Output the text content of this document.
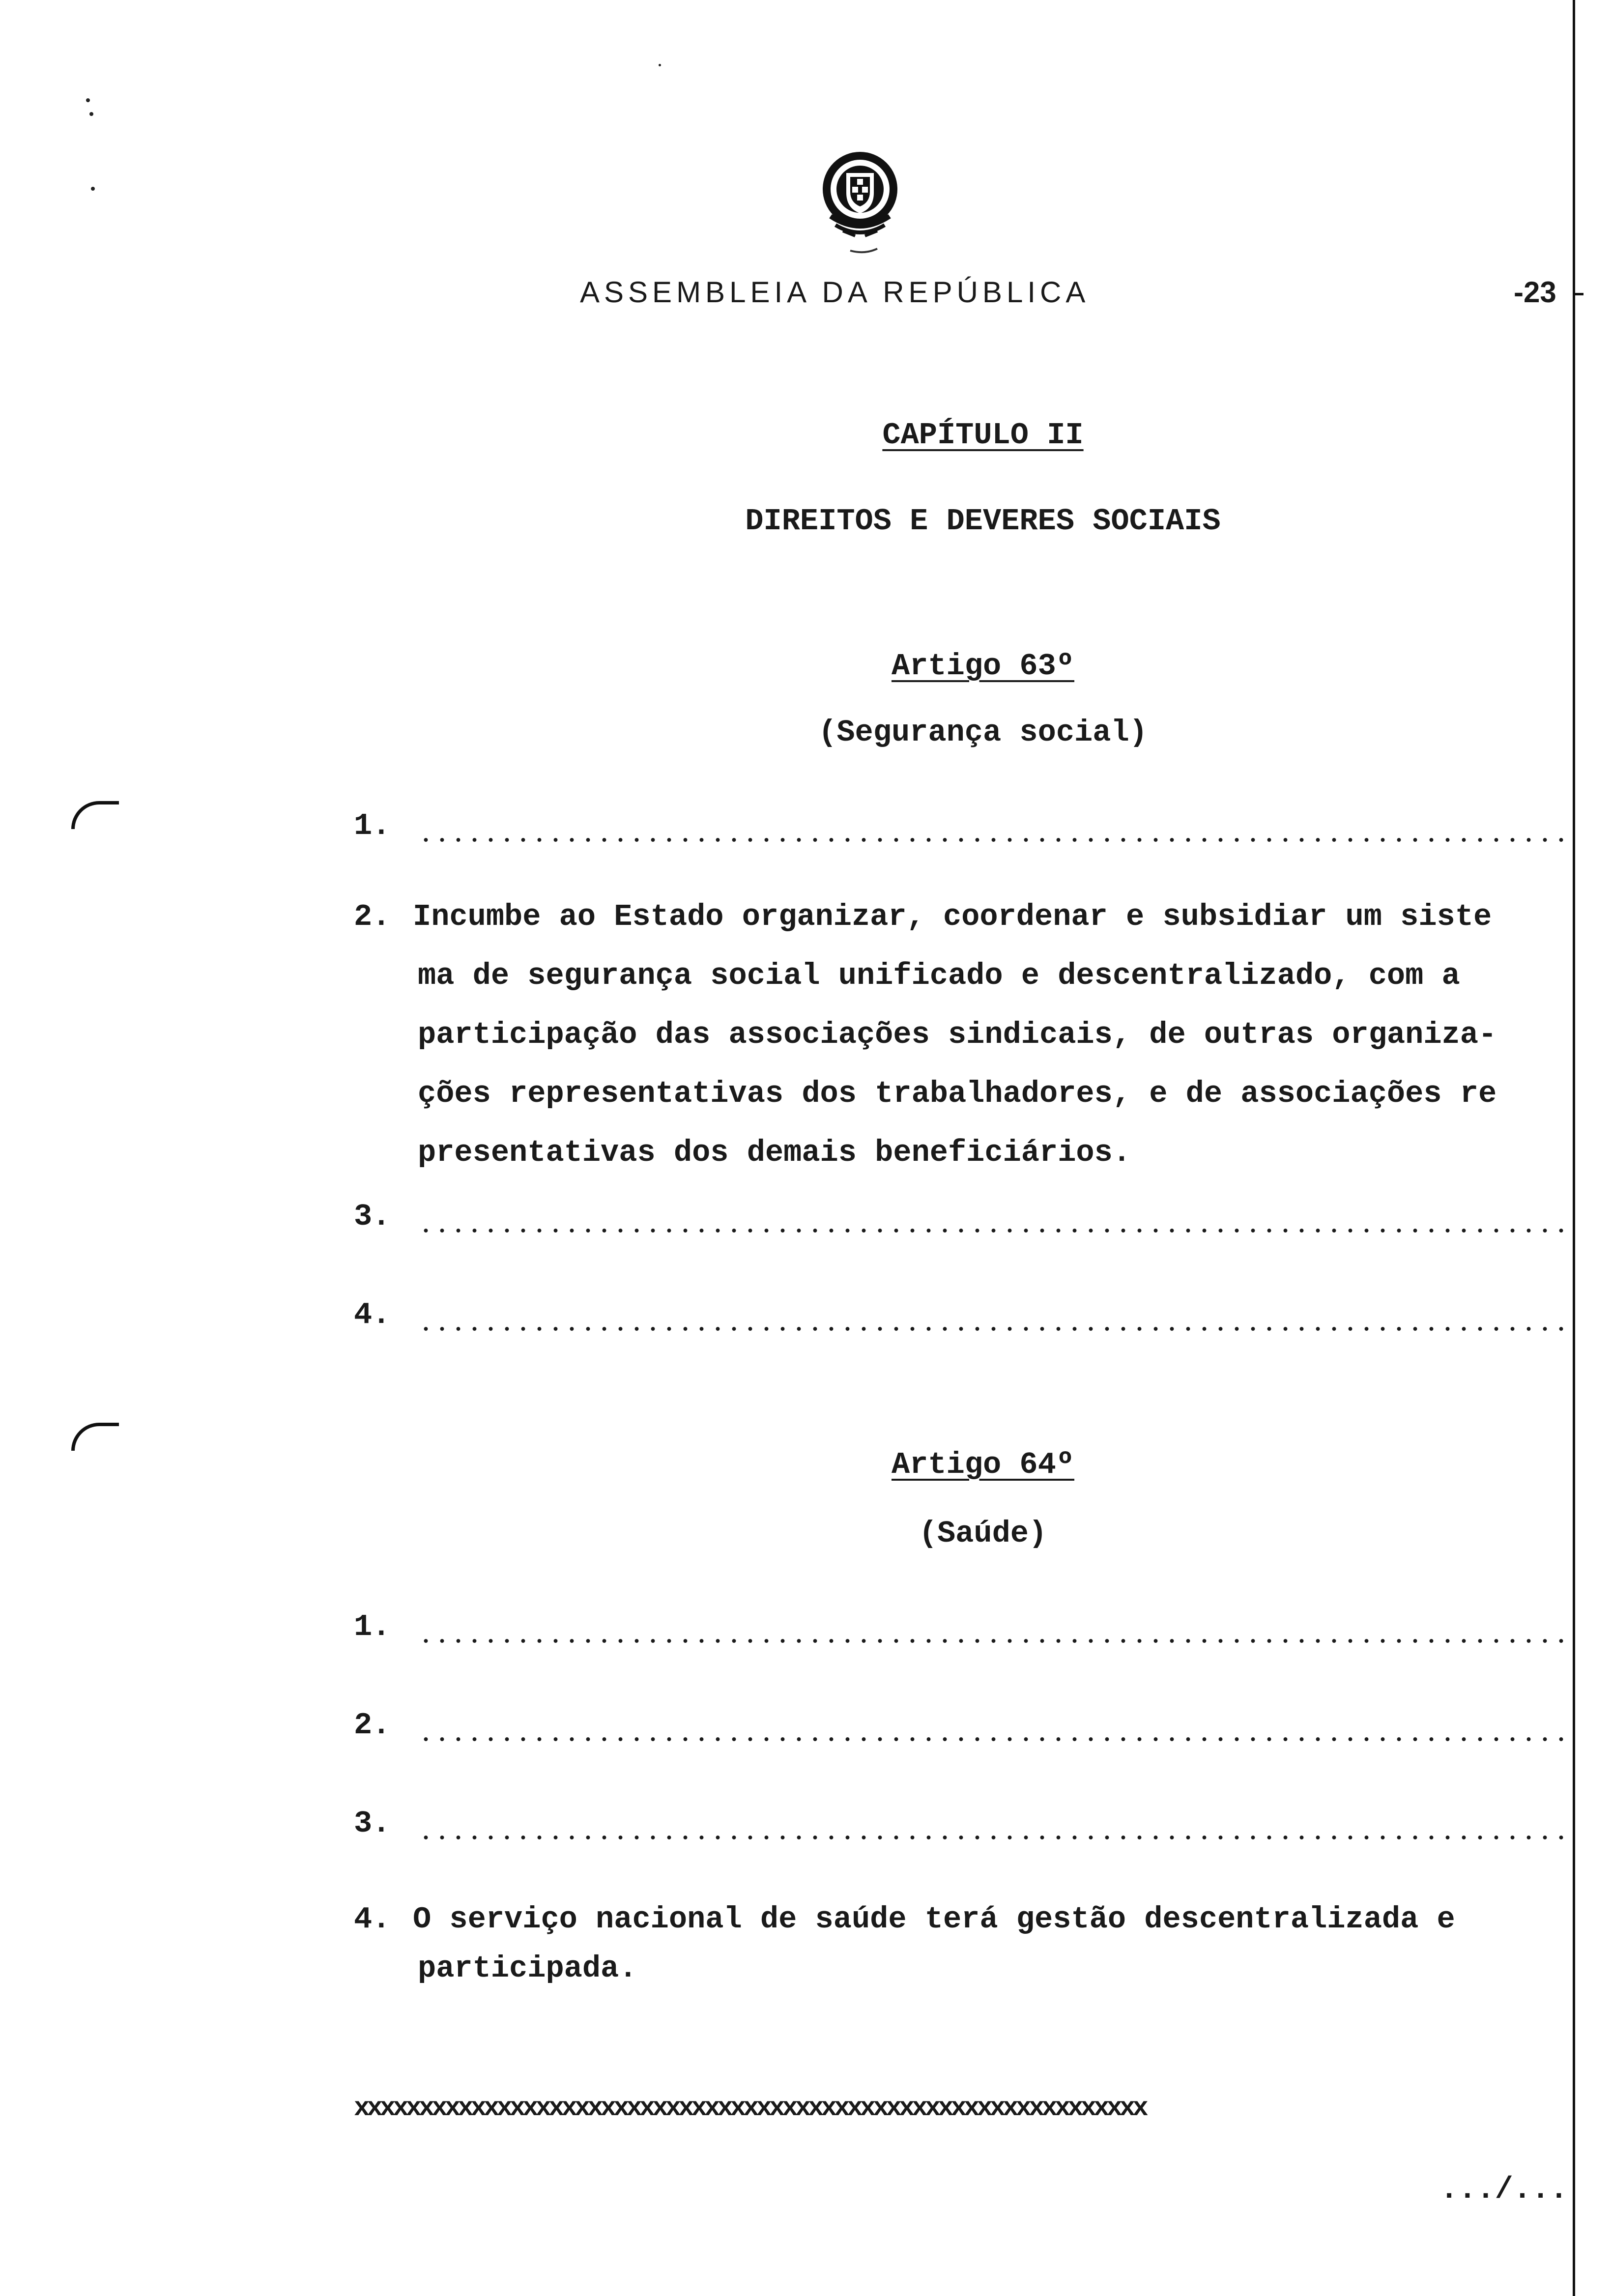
ASSEMBLEIA DA REPÚBLICA	-23
CAPÍTULO II
DIREITOS E DEVERES SOCIAIS
Artigo 63º
(Segurança social)
1.
2. Incumbe ao Estado organizar, coordenar e subsidiar um siste
ma de segurança social unificado e descentralizado, com a
participação das associações sindicais, de outras organiza-
ções representativas dos trabalhadores, e de associações re
presentativas dos demais beneficiários.
3.
4.
Artigo 64º
(Saúde)
1.
2.
3.
4. O serviço nacional de saúde terá gestão descentralizada e
participada.
xxxxxxxxxxxxxxxxxxxxxxxxxxxxxxxxxxxxxxxxxxxxxxxxxxxxxxxxxxxxx
.../...
